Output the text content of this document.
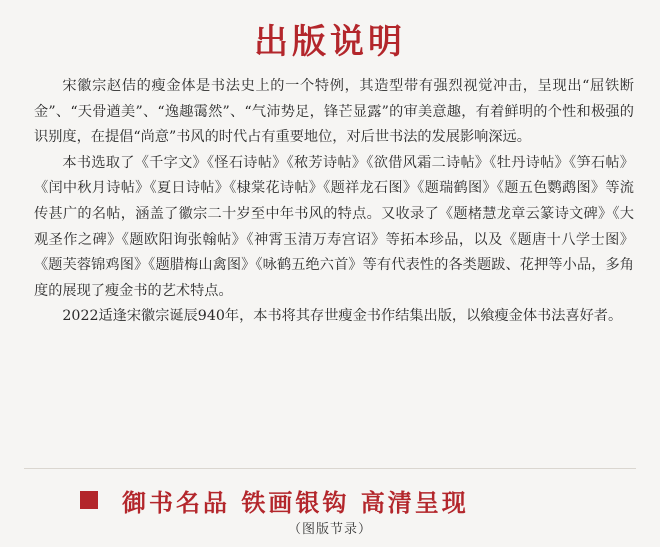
出版说明

宋徽宗赵佶的瘦金体是书法史上的一个特例，其造型带有强烈视觉冲击，呈现出“屈铁断金”、“天骨遒美”、“逸趣霭然”、“气沛势足，锋芒显露”的审美意趣，有着鲜明的个性和极强的识别度，在提倡“尚意”书风的时代占有重要地位，对后世书法的发展影响深远。

本书选取了《千字文》《怪石诗帖》《秾芳诗帖》《欲借风霜二诗帖》《牡丹诗帖》《笋石帖》《闰中秋月诗帖》《夏日诗帖》《棣棠花诗帖》《题祥龙石图》《题瑞鹤图》《题五色鹦鹉图》等流传甚广的名帖，涵盖了徽宗二十岁至中年书风的特点。又收录了《题楮慧龙章云篆诗文碑》《大观圣作之碑》《题欧阳询张翰帖》《神霄玉清万寿宫诏》等拓本珍品，以及《题唐十八学士图》《题芙蓉锦鸡图》《题腊梅山禽图》《咏鹤五绝六首》等有代表性的各类题跋、花押等小品，多角度的展现了瘦金书的艺术特点。

2022适逢宋徽宗诞辰940年，本书将其存世瘦金书作结集出版，以飨瘦金体书法喜好者。

御书名品 铁画银钩 高清呈现
（图版节录）
